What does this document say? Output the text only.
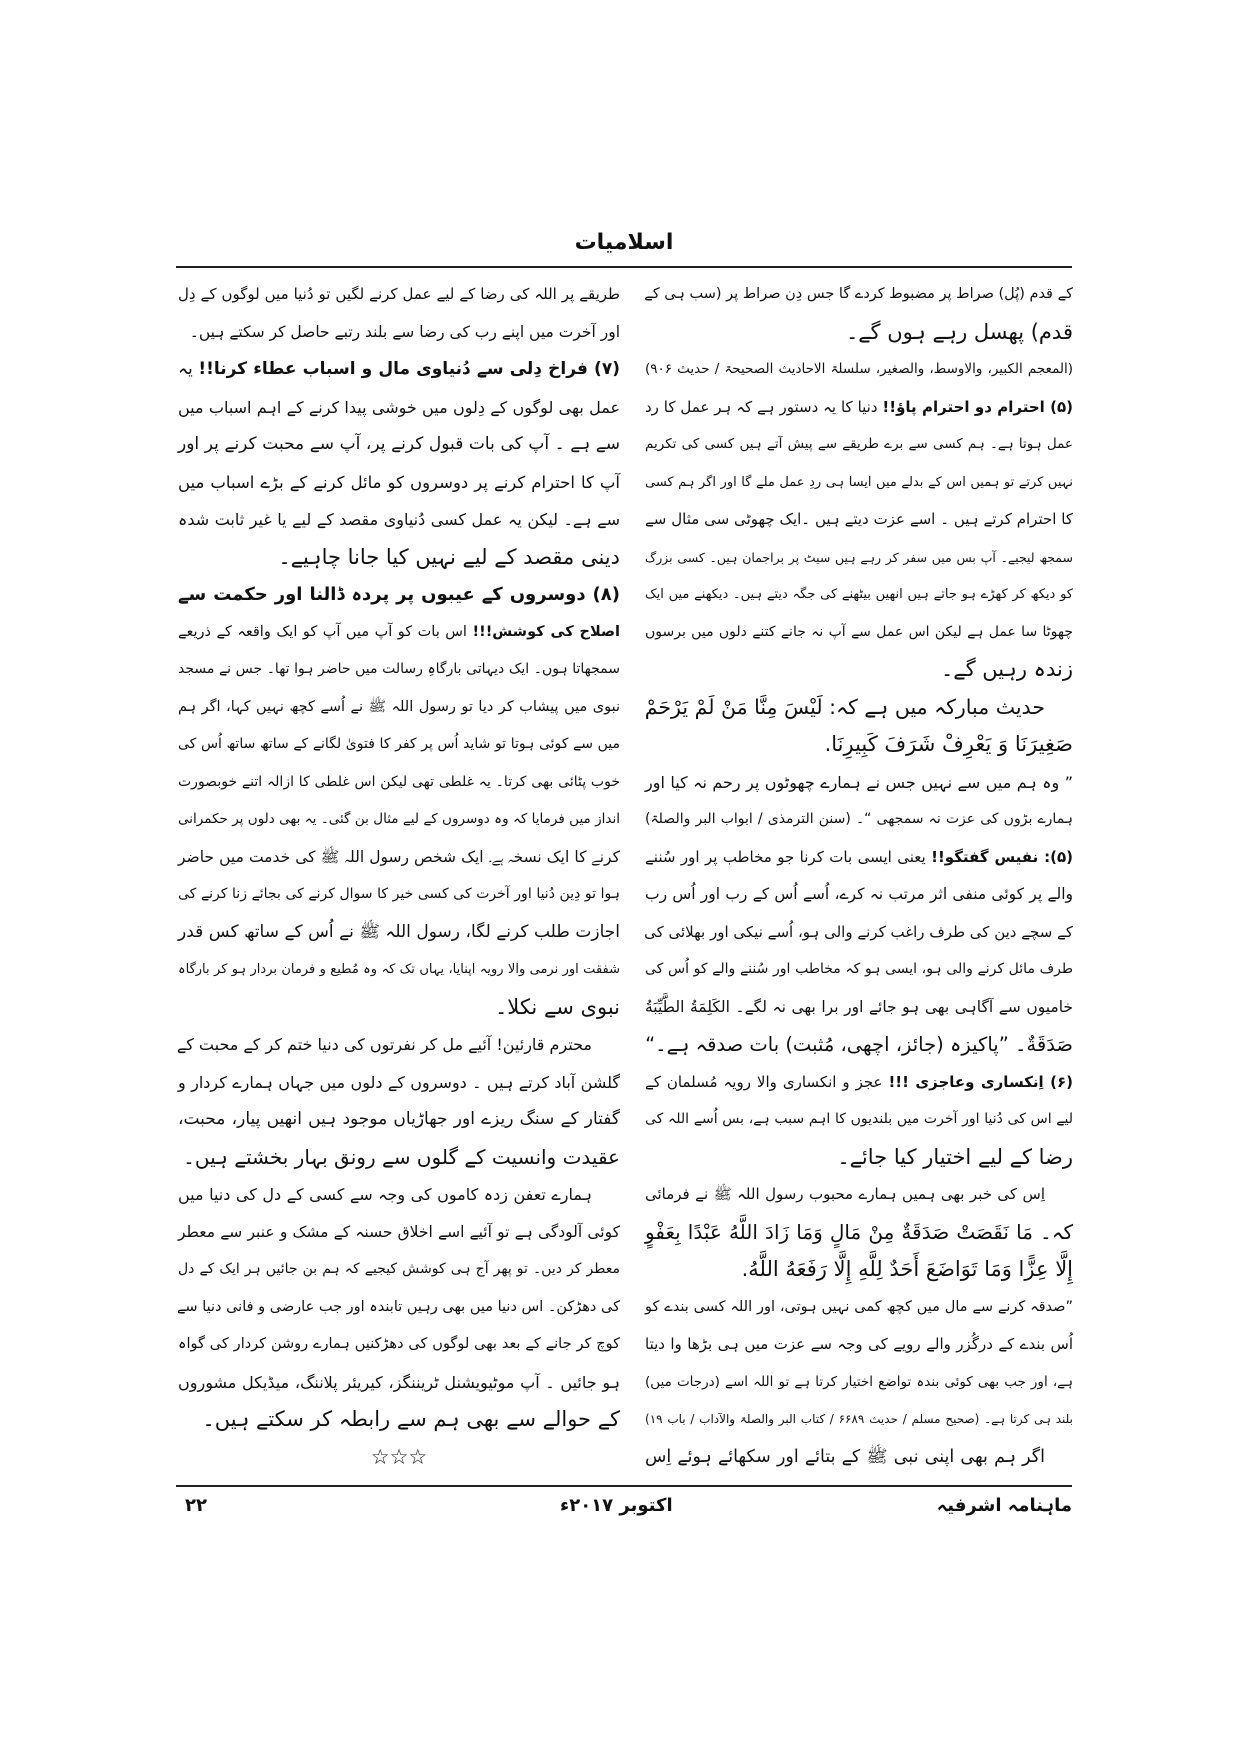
اسلامیات
کے قدم (پُل) صراط پر مضبوط کردے گا جس دِن صراط پر (سب ہی کے
قدم) پھسل رہے ہوں گے۔
(المعجم الکبیر، والاوسط، والصغیر، سلسلۃ الاحادیث الصحیحۃ / حدیث ۹۰۶)
(۵) احترام دو احترام پاؤ!! دنیا کا یہ دستور ہے کہ ہر عمل کا رد
عمل ہوتا ہے۔ ہم کسی سے برے طریقے سے پیش آتے ہیں کسی کی تکریم
نہیں کرتے تو ہمیں اس کے بدلے میں ایسا ہی ردِ عمل ملے گا اور اگر ہم کسی
کا احترام کرتے ہیں ۔ اسے عزت دیتے ہیں ۔ایک چھوٹی سی مثال سے
سمجھ لیجیے۔ آپ بس میں سفر کر رہے ہیں سیٹ پر براجمان ہیں۔ کسی بزرگ
کو دیکھ کر کھڑے ہو جاتے ہیں انھیں بیٹھنے کی جگہ دیتے ہیں۔ دیکھنے میں ایک
چھوٹا سا عمل ہے لیکن اس عمل سے آپ نہ جانے کتنے دلوں میں برسوں
زندہ رہیں گے۔
حدیث مبارکہ میں ہے کہ: لَیْسَ مِنَّا مَنْ لَمْ یَرْحَمْ
صَغِیرَنَا وَ یَعْرِفْ شَرَفَ کَبِیرِنَا.
” وہ ہم میں سے نہیں جس نے ہمارے چھوٹوں پر رحم نہ کیا اور
ہمارے بڑوں کی عزت نہ سمجھی “۔ (سنن الترمذی / ابواب البر والصلۃ)
(۵): نفیس گفتگو!! یعنی ایسی بات کرنا جو مخاطب پر اور سُننے
والے پر کوئی منفی اثر مرتب نہ کرے، اُسے اُس کے رب اور اُس رب
کے سچے دین کی طرف راغب کرنے والی ہو، اُسے نیکی اور بھلائی کی
طرف مائل کرنے والی ہو، ایسی ہو کہ مخاطب اور سُننے والے کو اُس کی
خامیوں سے آگاہی بھی ہو جائے اور برا بھی نہ لگے۔ الكَلِمَةُ الطَّيِّبَةُ
صَدَقَةٌ۔ ”پاکیزہ (جائز، اچھی، مُثبت) بات صدقہ ہے۔“
(۶) اِنکساری وعاجزی !!! عجز و انکساری والا رویہ مُسلمان کے
لیے اس کی دُنیا اور آخرت میں بلندیوں کا اہم سبب ہے، بس اُسے اللہ کی
رضا کے لیے اختیار کیا جائے۔
اِس کی خبر بھی ہمیں ہمارے محبوب رسول اللہ ﷺ نے فرمائی
کہ۔ مَا نَقَصَتْ صَدَقَةٌ مِنْ مَالٍ وَمَا زَادَ اللَّهُ عَبْدًا بِعَفْوٍ
إِلَّا عِزًّا وَمَا تَوَاضَعَ أَحَدٌ لِلَّهِ إِلَّا رَفَعَهُ اللَّهُ.
”صدقہ کرنے سے مال میں کچھ کمی نہیں ہوتی، اور اللہ کسی بندے کو
اُس بندے کے درگُزر والے رویے کی وجہ سے عزت میں ہی بڑھا وا دیتا
ہے، اور جب بھی کوئی بندہ تواضع اختیار کرتا ہے تو اللہ اسے (درجات میں)
بلند ہی کرتا ہے۔ (صحیح مسلم / حدیث ۶۶۸۹ / کتاب البر والصلۃ والآداب / باب ۱۹)
اگر ہم بھی اپنی نبی ﷺ کے بتائے اور سکھائے ہوئے اِس
طریقے پر اللہ کی رضا کے لیے عمل کرنے لگیں تو دُنیا میں لوگوں کے دِل
اور آخرت میں اپنے رب کی رضا سے بلند رتبے حاصل کر سکتے ہیں۔
(۷) فراخ دِلی سے دُنیاوی مال و اسباب عطاء کرنا!! یہ
عمل بھی لوگوں کے دِلوں میں خوشی پیدا کرنے کے اہم اسباب میں
سے ہے ۔ آپ کی بات قبول کرنے پر، آپ سے محبت کرنے پر اور
آپ کا احترام کرنے پر دوسروں کو مائل کرنے کے بڑے اسباب میں
سے ہے۔ لیکن یہ عمل کسی دُنیاوی مقصد کے لیے یا غیر ثابت شدہ
دینی مقصد کے لیے نہیں کیا جانا چاہیے۔
(۸) دوسروں کے عیبوں پر پردہ ڈالنا اور حکمت سے
اصلاح کی کوشش!!! اس بات کو آپ میں آپ کو ایک واقعہ کے ذریعے
سمجھاتا ہوں۔ ایک دیہاتی بارگاہِ رسالت میں حاضر ہوا تھا۔ جس نے مسجد
نبوی میں پیشاب کر دیا تو رسول اللہ ﷺ نے اُسے کچھ نہیں کہا، اگر ہم
میں سے کوئی ہوتا تو شاید اُس پر کفر کا فتویٰ لگانے کے ساتھ ساتھ اُس کی
خوب پٹائی بھی کرتا۔ یہ غلطی تھی لیکن اس غلطی کا ازالہ اتنے خوبصورت
انداز میں فرمایا کہ وہ دوسروں کے لیے مثال بن گئی۔ یہ بھی دلوں پر حکمرانی
کرنے کا ایک نسخہ ہے۔ ایک شخص رسول اللہ ﷺ کی خدمت میں حاضر
ہوا تو دِین دُنیا اور آخرت کی کسی خیر کا سوال کرنے کی بجائے زنا کرنے کی
اجازت طلب کرنے لگا، رسول اللہ ﷺ نے اُس کے ساتھ کس قدر
شفقت اور نرمی والا رویہ اپنایا، یہاں تک کہ وہ مُطیع و فرمان بردار ہو کر بارگاہ
نبوی سے نکلا۔
محترم قارئین! آئیے مل کر نفرتوں کی دنیا ختم کر کے محبت کے
گلشن آباد کرتے ہیں ۔ دوسروں کے دلوں میں جہاں ہمارے کردار و
گفتار کے سنگ ریزے اور جھاڑیاں موجود ہیں انھیں پیار، محبت،
عقیدت وانسیت کے گلوں سے رونق بہار بخشتے ہیں۔
ہمارے تعفن زدہ کاموں کی وجہ سے کسی کے دل کی دنیا میں
کوئی آلودگی ہے تو آئیے اسے اخلاق حسنہ کے مشک و عنبر سے معطر
معطر کر دیں۔ تو پھر آج ہی کوشش کیجیے کہ ہم بن جائیں ہر ایک کے دل
کی دھڑکن۔ اس دنیا میں بھی رہیں تابندہ اور جب عارضی و فانی دنیا سے
کوچ کر جانے کے بعد بھی لوگوں کی دھڑکنیں ہمارے روشن کردار کی گواہ
ہو جائیں ۔ آپ موٹیویشنل ٹریننگز، کیریئر پلاننگ، میڈیکل مشوروں
کے حوالے سے بھی ہم سے رابطہ کر سکتے ہیں۔
☆☆☆
ماہنامہ اشرفیہ
اکتوبر ۲۰۱۷ء
۲۲
